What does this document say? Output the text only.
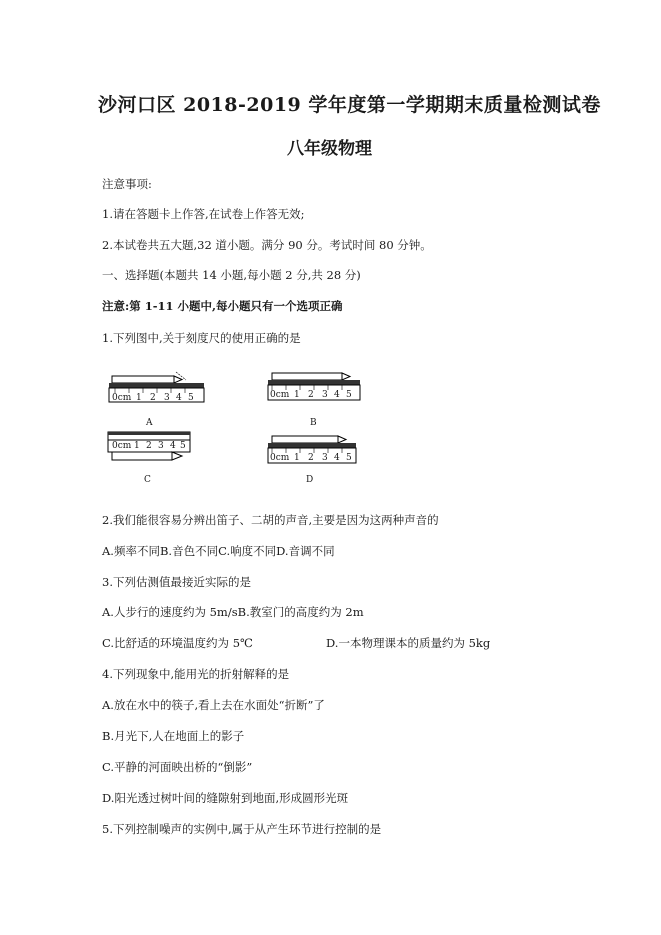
沙河口区 2018-2019 学年度第一学期期末质量检测试卷
八年级物理
注意事项:
1.请在答题卡上作答,在试卷上作答无效;
2.本试卷共五大题,32 道小题。满分 90 分。考试时间 80 分钟。
一、选择题(本题共 14 小题,每小题 2 分,共 28 分)
注意:第 1-11 小题中,每小题只有一个选项正确
1.下列图中,关于刻度尺的使用正确的是
0cm 1 2 3 4 5	0cm 1 2 3 4 5
0cm 1 2 3 4 5
0cm 1 2 3 4 5
A	B
C	D
2.我们能很容易分辨出笛子、二胡的声音,主要是因为这两种声音的
A.频率不同B.音色不同C.响度不同D.音调不同
3.下列估测值最接近实际的是
A.人步行的速度约为 5m/sB.教室门的高度约为 2m
C.比舒适的环境温度约为 5℃	D.一本物理课本的质量约为 5kg
4.下列现象中,能用光的折射解释的是
A.放在水中的筷子,看上去在水面处“折断”了
B.月光下,人在地面上的影子
C.平静的河面映出桥的“倒影”
D.阳光透过树叶间的缝隙射到地面,形成圆形光斑
5.下列控制噪声的实例中,属于从产生环节进行控制的是
